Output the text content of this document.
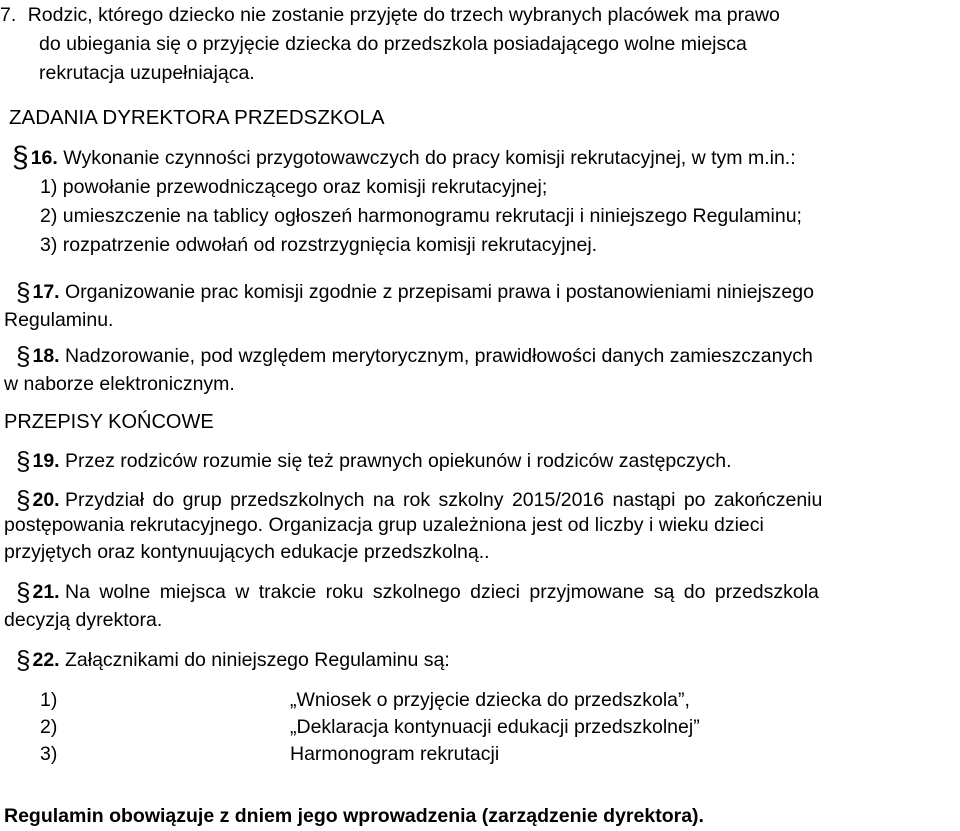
7. Rodzic, którego dziecko nie zostanie przyjęte do trzech wybranych placówek ma prawo
do ubiegania się o przyjęcie dziecka do przedszkola posiadającego wolne miejsca
rekrutacja uzupełniająca.
ZADANIA DYREKTORA PRZEDSZKOLA
§ 16. Wykonanie czynności przygotowawczych do pracy komisji rekrutacyjnej, w tym m.in.:
1) powołanie przewodniczącego oraz komisji rekrutacyjnej;
2) umieszczenie na tablicy ogłoszeń harmonogramu rekrutacji i niniejszego Regulaminu;
3) rozpatrzenie odwołań od rozstrzygnięcia komisji rekrutacyjnej.
§ 17. Organizowanie prac komisji zgodnie z przepisami prawa i postanowieniami niniejszego
Regulaminu.
§ 18. Nadzorowanie, pod względem merytorycznym, prawidłowości danych zamieszczanych
w naborze elektronicznym.
PRZEPISY KOŃCOWE
§ 19. Przez rodziców rozumie się też prawnych opiekunów i rodziców zastępczych.
§ 20. Przydział do grup przedszkolnych na rok szkolny 2015/2016 nastąpi po zakończeniu
postępowania rekrutacyjnego. Organizacja grup uzależniona jest od liczby i wieku dzieci
przyjętych oraz kontynuujących edukacje przedszkolną..
§ 21. Na wolne miejsca w trakcie roku szkolnego dzieci przyjmowane są do przedszkola
decyzją dyrektora.
§ 22. Załącznikami do niniejszego Regulaminu są:
1)	„Wniosek o przyjęcie dziecka do przedszkola”,
2)	„Deklaracja kontynuacji edukacji przedszkolnej”
3)	Harmonogram rekrutacji
Regulamin obowiązuje z dniem jego wprowadzenia (zarządzenie dyrektora).
